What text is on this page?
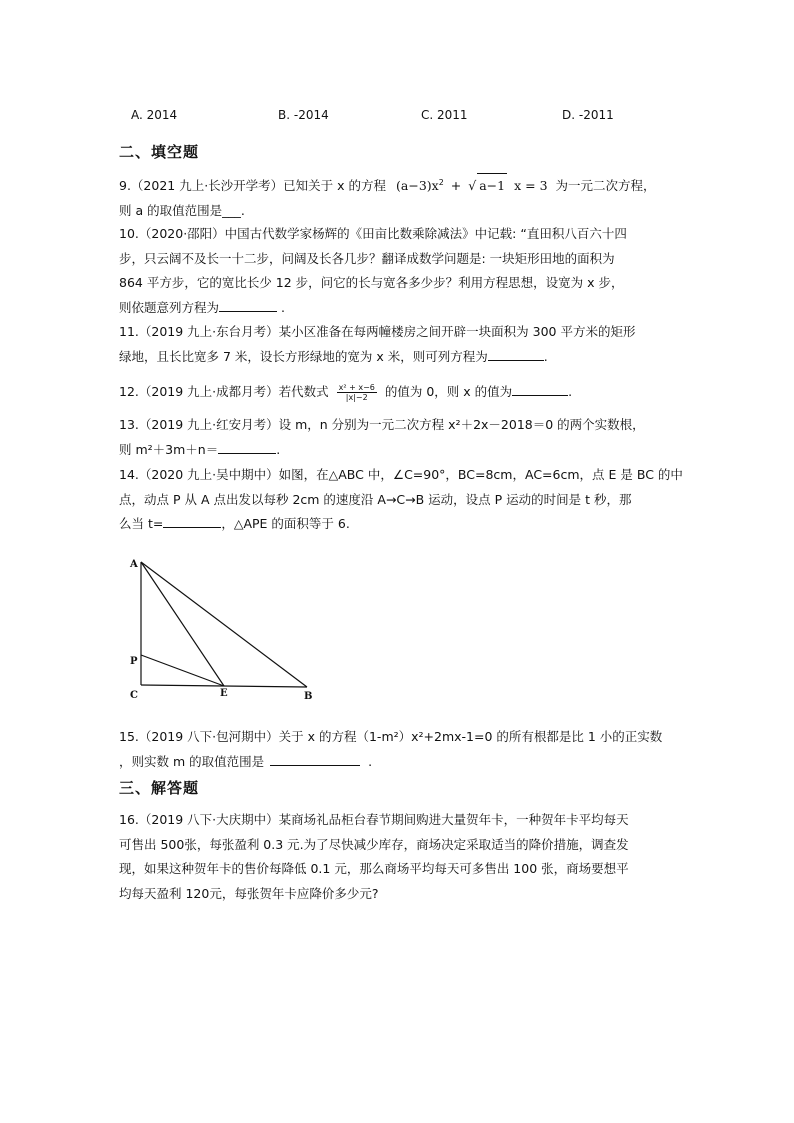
A. 2014	B. -2014	C. 2011	D. -2011
二、填空题
9.（2021 九上·长沙开学考）已知关于 x 的方程 $(a-3)x^2$ + √ a−1 x = 3 为一元二次方程，
则 a 的取值范围是___.
10.（2020·邵阳）中国古代数学家杨辉的《田亩比数乘除减法》中记载: “直田积八百六十四
步，只云阔不及长一十二步，问阔及长各几步？翻译成数学问题是: 一块矩形田地的面积为
864 平方步，它的宽比长少 12 步，问它的长与宽各多少步？利用方程思想，设宽为 x 步，
则依题意列方程为	.
11.（2019 九上·东台月考）某小区准备在每两幢楼房之间开辟一块面积为 300 平方米的矩形
绿地，且长比宽多 7 米，设长方形绿地的宽为 x 米，则可列方程为	.
12.（2019 九上·成都月考）若代数式 $\frac{\text{x² + x−6}}{|x|-2}$ 的值为 0，则 x 的值为	.
13.（2019 九上·红安月考）设 m，n 分别为一元二次方程 x²＋2x－2018＝0 的两个实数根，
则 m²＋3m＋n＝	.
14.（2020 九上·吴中期中）如图，在△ABC 中，∠C=90°，BC=8cm，AC=6cm，点 E 是 BC 的中
点，动点 P 从 A 点出发以每秒 2cm 的速度沿 A→C→B 运动，设点 P 运动的时间是 t 秒，那
么当 t=	，△APE 的面积等于 6.
A
P
C	E	B
15.（2019 八下·包河期中）关于 x 的方程（1-m²）x²+2mx-1=0 的所有根都是比 1 小的正实数
，则实数 m 的取值范围是	.
三、解答题
16.（2019 八下·大庆期中）某商场礼品柜台春节期间购进大量贺年卡，一种贺年卡平均每天
可售出 500张，每张盈利 0.3 元.为了尽快减少库存，商场决定采取适当的降价措施，调查发
现，如果这种贺年卡的售价每降低 0.1 元，那么商场平均每天可多售出 100 张，商场要想平
均每天盈利 120元，每张贺年卡应降价多少元?
